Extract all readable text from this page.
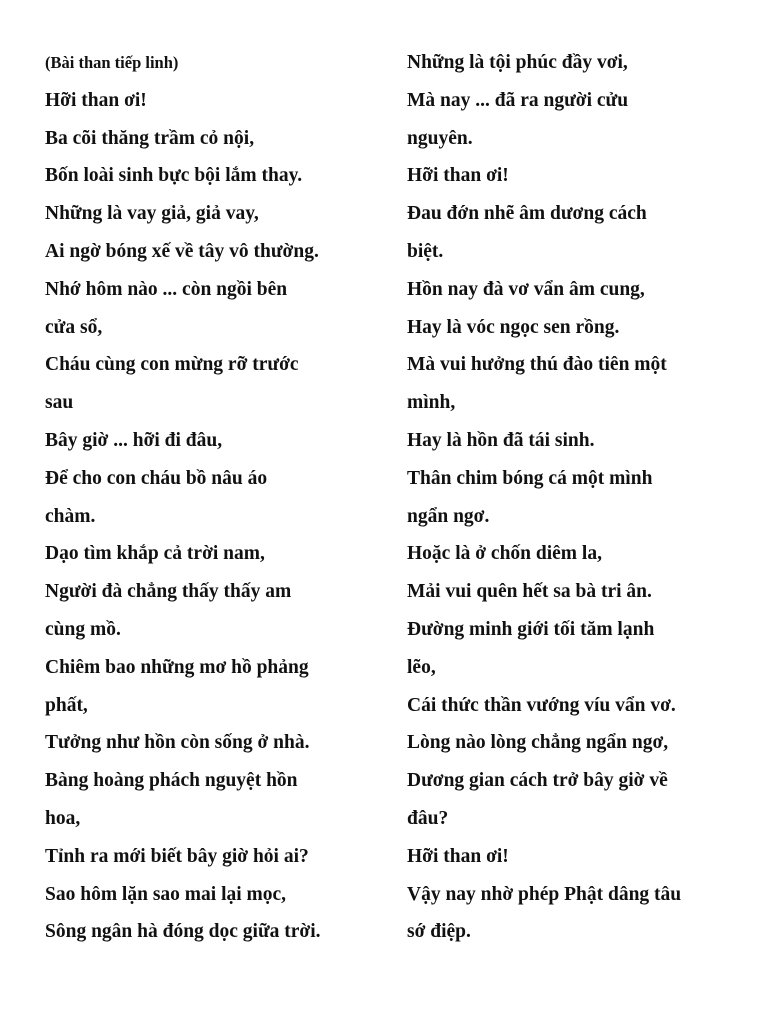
(Bài than tiếp linh)
Hỡi than ơi!
Ba cõi thăng trầm cỏ nội,
Bốn loài sinh bực bội lắm thay.
Những là vay giả, giả vay,
Ai ngờ bóng xế về tây vô thường.
Nhớ hôm nào ... còn ngồi bên
cửa sổ,
Cháu cùng con mừng rỡ trước
sau
Bây giờ ... hỡi đi đâu,
Để cho con cháu bồ nâu áo
chàm.
Dạo tìm khắp cả trời nam,
Người đà chẳng thấy thấy am
cùng mồ.
Chiêm bao những mơ hồ phảng
phất,
Tưởng như hồn còn sống ở nhà.
Bàng hoàng phách nguyệt hồn
hoa,
Tỉnh ra mới biết bây giờ hỏi ai?
Sao hôm lặn sao mai lại mọc,
Sông ngân hà đóng dọc giữa trời.
Những là tội phúc đầy vơi,
Mà nay ... đã ra người cửu
nguyên.
Hỡi than ơi!
Đau đớn nhẽ âm dương cách
biệt.
Hồn nay đà vơ vẩn âm cung,
Hay là vóc ngọc sen rồng.
Mà vui hưởng thú đào tiên một
mình,
Hay là hồn đã tái sinh.
Thân chim bóng cá một mình
ngẩn ngơ.
Hoặc là ở chốn diêm la,
Mải vui quên hết sa bà tri ân.
Đường minh giới tối tăm lạnh
lẽo,
Cái thức thần vướng víu vẩn vơ.
Lòng nào lòng chẳng ngẩn ngơ,
Dương gian cách trở bây giờ về
đâu?
Hỡi than ơi!
Vậy nay nhờ phép Phật dâng tâu
sớ điệp.
